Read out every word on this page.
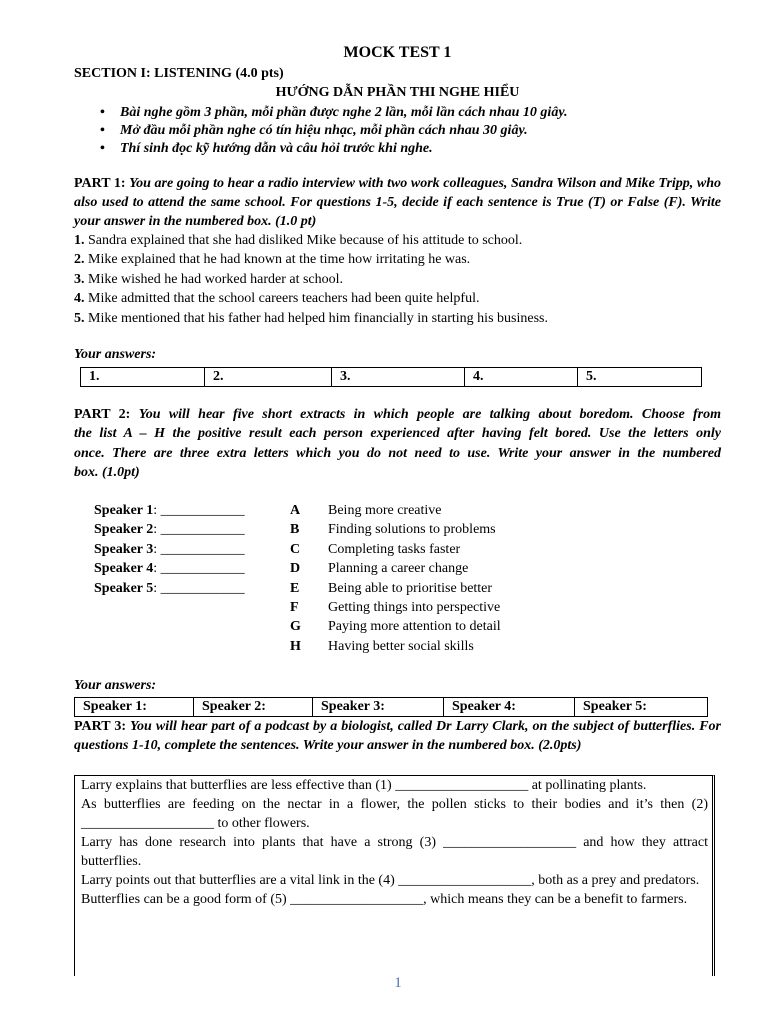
MOCK TEST 1
SECTION I: LISTENING (4.0 pts)
HƯỚNG DẪN PHẦN THI NGHE HIỂU
• Bài nghe gồm 3 phần, mỗi phần được nghe 2 lần, mỗi lần cách nhau 10 giây.
• Mở đầu mỗi phần nghe có tín hiệu nhạc, mỗi phần cách nhau 30 giây.
• Thí sinh đọc kỹ hướng dẫn và câu hỏi trước khi nghe.
PART 1: You are going to hear a radio interview with two work colleagues, Sandra Wilson and Mike Tripp, who also used to attend the same school. For questions 1-5, decide if each sentence is True (T) or False (F). Write your answer in the numbered box. (1.0 pt)
1. Sandra explained that she had disliked Mike because of his attitude to school.
2. Mike explained that he had known at the time how irritating he was.
3. Mike wished he had worked harder at school.
4. Mike admitted that the school careers teachers had been quite helpful.
5. Mike mentioned that his father had helped him financially in starting his business.
Your answers:
1.	2.	3.	4.	5.
PART 2: You will hear five short extracts in which people are talking about boredom. Choose from
the list A – H the positive result each person experienced after having felt bored. Use the letters only
once. There are three extra letters which you do not need to use. Write your answer in the numbered
box. (1.0pt)
Speaker 1: ____________
Speaker 2: ____________
Speaker 3: ____________
Speaker 4: ____________
Speaker 5: ____________
A Being more creative
B Finding solutions to problems
C Completing tasks faster
D Planning a career change
E Being able to prioritise better
F Getting things into perspective
G Paying more attention to detail
H Having better social skills
Your answers:
Speaker 1:	Speaker 2:	Speaker 3:	Speaker 4:	Speaker 5:
PART 3: You will hear part of a podcast by a biologist, called Dr Larry Clark, on the subject of butterflies. For questions 1-10, complete the sentences. Write your answer in the numbered box. (2.0pts)

Larry explains that butterflies are less effective than (1) ___________________ at pollinating plants.

As butterflies are feeding on the nectar in a flower, the pollen sticks to their bodies and it’s then (2) ___________________ to other flowers.

Larry has done research into plants that have a strong (3) ___________________ and how they attract butterflies.

Larry points out that butterflies are a vital link in the (4) ___________________, both as a prey and predators.

Butterflies can be a good form of (5) ___________________, which means they can be a benefit to farmers.

1
